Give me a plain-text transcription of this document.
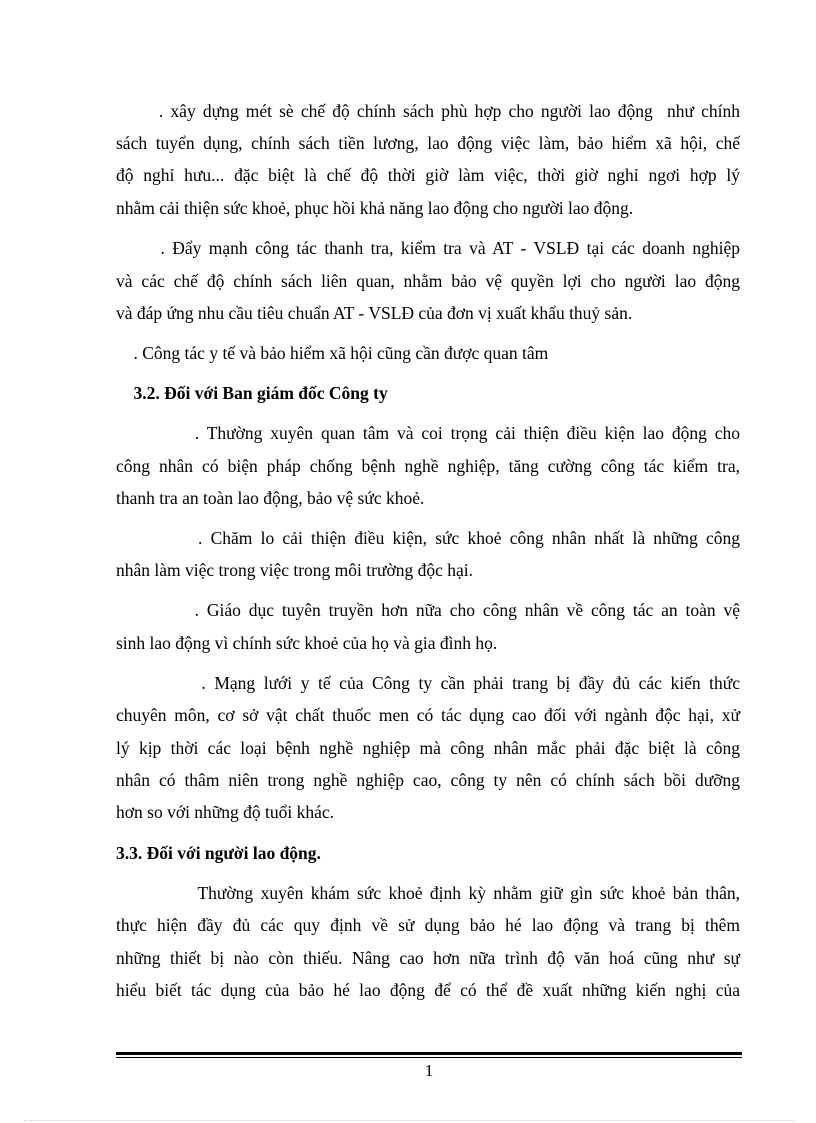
. xây dựng mét sè chế độ chính sách phù hợp cho người lao động  như chính
sách tuyển dụng, chính sách tiền lương, lao động việc làm, bảo hiểm xã hội, chế
độ nghỉ hưu... đặc biệt là chế độ thời giờ làm việc, thời giờ nghỉ ngơi hợp lý
nhằm cải thiện sức khoẻ, phục hồi khả năng lao động cho người lao động.
. Đẩy mạnh công tác thanh tra, kiểm tra và AT - VSLĐ tại các doanh nghiệp
và các chế độ chính sách liên quan, nhằm bảo vệ quyền lợi cho người lao động
và đáp ứng nhu cầu tiêu chuẩn AT - VSLĐ của đơn vị xuất khẩu thuỷ sản.
. Công tác y tế và bảo hiểm xã hội cũng cần được quan tâm
3.2. Đối với Ban giám đốc Công ty
. Thường xuyên quan tâm và coi trọng cải thiện điều kiện lao động cho
công nhân có biện pháp chống bệnh nghề nghiệp, tăng cường công tác kiểm tra,
thanh tra an toàn lao động, bảo vệ sức khoẻ.
. Chăm lo cải thiện điều kiện, sức khoẻ công nhân nhất là những công
nhân làm việc trong việc trong môi trường độc hại.
. Giáo dục tuyên truyền hơn nữa cho công nhân về công tác an toàn vệ
sinh lao động vì chính sức khoẻ của họ và gia đình họ.
. Mạng lưới y tế của Công ty cần phải trang bị đầy đủ các kiến thức
chuyên môn, cơ sở vật chất thuốc men có tác dụng cao đối với ngành độc hại, xử
lý kịp thời các loại bệnh nghề nghiệp mà công nhân mắc phải đặc biệt là công
nhân có thâm niên trong nghề nghiệp cao, công ty nên có chính sách bồi dưỡng
hơn so với những độ tuổi khác.
3.3. Đối với người lao động.
Thường xuyên khám sức khoẻ định kỳ nhằm giữ gìn sức khoẻ bản thân,
thực hiện đầy đủ các quy định về sử dụng bảo hé lao động và trang bị thêm
những thiết bị nào còn thiếu. Nâng cao hơn nữa trình độ văn hoá cũng như sự
hiểu biết tác dụng của bảo hé lao động để có thể đề xuất những kiến nghị của
1
